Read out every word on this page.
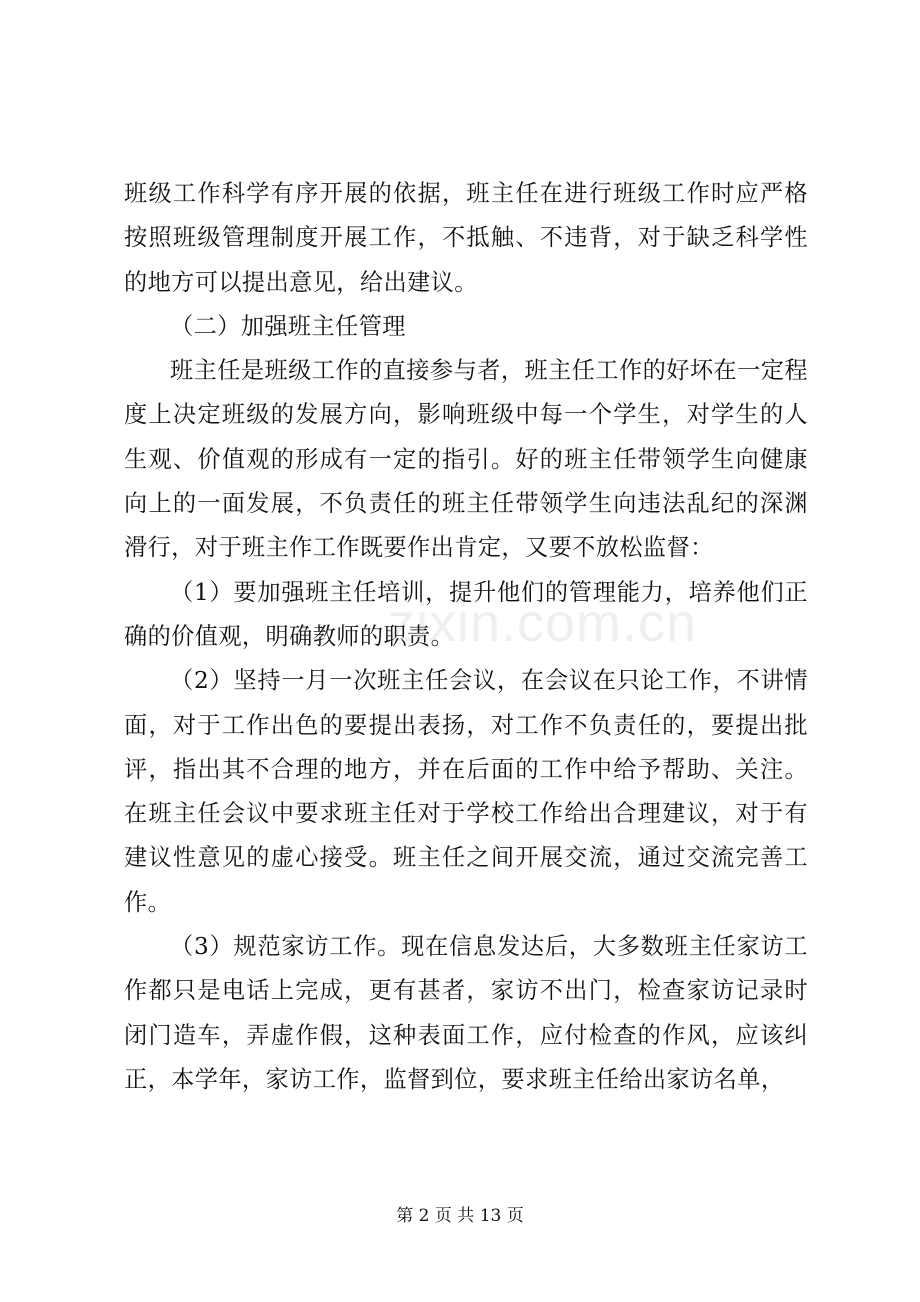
班级工作科学有序开展的依据，班主任在进行班级工作时应严格按照班级管理制度开展工作，不抵触、不违背，对于缺乏科学性的地方可以提出意见，给出建议。

（二）加强班主任管理

班主任是班级工作的直接参与者，班主任工作的好坏在一定程度上决定班级的发展方向，影响班级中每一个学生，对学生的人生观、价值观的形成有一定的指引。好的班主任带领学生向健康向上的一面发展，不负责任的班主任带领学生向违法乱纪的深渊滑行，对于班主作工作既要作出肯定，又要不放松监督：

（1）要加强班主任培训，提升他们的管理能力，培养他们正确的价值观，明确教师的职责。

（2）坚持一月一次班主任会议，在会议在只论工作，不讲情面，对于工作出色的要提出表扬，对工作不负责任的，要提出批评，指出其不合理的地方，并在后面的工作中给予帮助、关注。在班主任会议中要求班主任对于学校工作给出合理建议，对于有建议性意见的虚心接受。班主任之间开展交流，通过交流完善工作。

（3）规范家访工作。现在信息发达后，大多数班主任家访工作都只是电话上完成，更有甚者，家访不出门，检查家访记录时闭门造车，弄虚作假，这种表面工作，应付检查的作风，应该纠正，本学年，家访工作，监督到位，要求班主任给出家访名单，

zixin.com.cn
第 2 页 共 13 页
